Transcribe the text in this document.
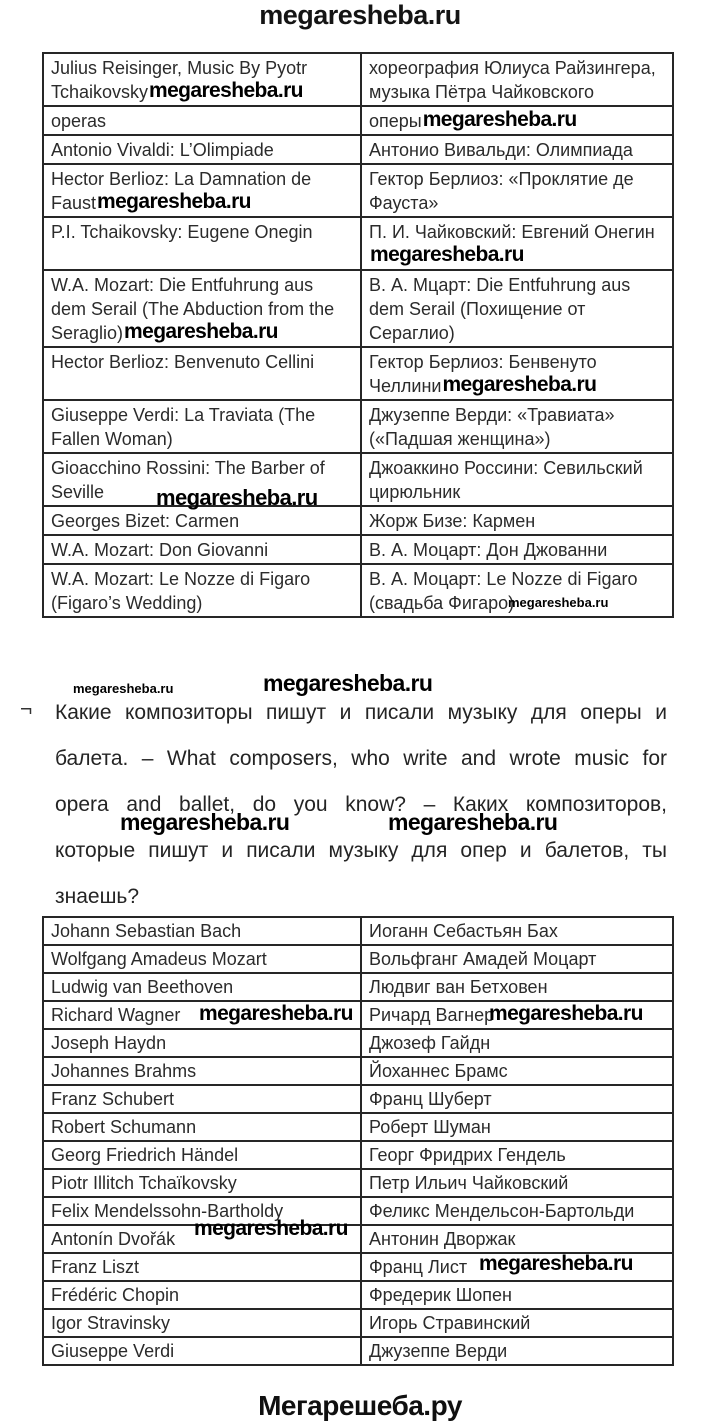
megaresheba.ru
Julius Reisinger, Music By Pyotr Tchaikovskymegaresheba.ru	хореография Юлиуса Райзингера, музыка Пётра Чайковского
operas	оперыmegaresheba.ru
Antonio Vivaldi: L’Olimpiade	Антонио Вивальди: Олимпиада
Hector Berlioz: La Damnation de Faustmegaresheba.ru	Гектор Берлиоз: «Проклятие де Фауста»
P.I. Tchaikovsky: Eugene Onegin	П. И. Чайковский: Евгений Онегинmegaresheba.ru
W.A. Mozart: Die Entfuhrung aus dem Serail (The Abduction from the Seraglio)megaresheba.ru	В. А. Мцарт: Die Entfuhrung aus dem Serail (Похищение от Сераглио)
Hector Berlioz: Benvenuto Cellini	Гектор Берлиоз: Бенвенуто Челлиниmegaresheba.ru
Giuseppe Verdi: La Traviata (The Fallen Woman)	Джузеппе Верди: «Травиата» («Падшая женщина»)
Gioacchino Rossini: The Barber of Seville megaresheba.ru	Джоаккино Россини: Севильский цирюльник
Georges Bizet: Carmen	Жорж Бизе: Кармен
W.A. Mozart: Don Giovanni	В. А. Моцарт: Дон Джованни
W.A. Mozart: Le Nozze di Figaro (Figaro’s Wedding)	В. А. Моцарт: Le Nozze di Figaro (свадьба Фигаро)
megaresheba.ru
megaresheba.ru	megaresheba.ru
¬ Какие композиторы пишут и писали музыку для оперы и
балета. – What composers, who write and wrote music for
opera and ballet, do you know? – Каких композиторов,
которые пишут и писали музыку для опер и балетов, ты
знаешь?
megaresheba.ru	megaresheba.ru
Johann Sebastian Bach	Иоганн Себастьян Бах
Wolfgang Amadeus Mozart	Вольфганг Амадей Моцарт
Ludwig van Beethoven	Людвиг ван Бетховен
Richard Wagner megaresheba.ru	Ричард Вагнер
megaresheba.ru

Joseph Haydn	Джозеф Гайдн
Johannes Brahms	Йоханнес Брамс
Franz Schubert	Франц Шуберт
Robert Schumann	Роберт Шуман
Georg Friedrich Händel	Георг Фридрих Гендель
Piotr Illitch Tchaïkovsky	Петр Ильич Чайковский
Felix Mendelssohn-Bartholdy	Феликс Мендельсон-Бартольди
Antonín Dvořák megaresheba.ru	Антонин Дворжак
Franz Liszt	Франц Лист megaresheba.ru

Frédéric Chopin	Фредерик Шопен
Igor Stravinsky	Игорь Стравинский
Giuseppe Verdi	Джузеппе Верди
Мегарешеба.ру
